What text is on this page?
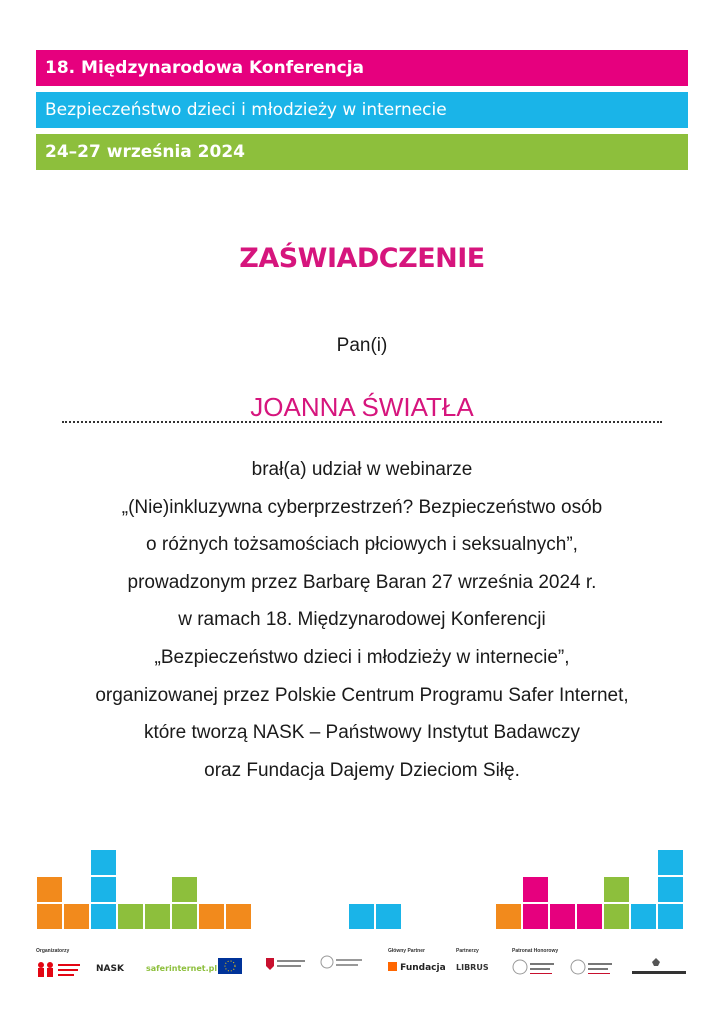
18. Międzynarodowa Konferencja
Bezpieczeństwo dzieci i młodzieży w internecie
24–27 września 2024
ZAŚWIADCZENIE
Pan(i)
JOANNA ŚWIATŁA
brał(a) udział w webinarze
„(Nie)inkluzywna cyberprzestrzeń? Bezpieczeństwo osób
o różnych tożsamościach płciowych i seksualnych”,
prowadzonym przez Barbarę Baran 27 września 2024 r.
w ramach 18. Międzynarodowej Konferencji
„Bezpieczeństwo dzieci i młodzieży w internecie”,
organizowanej przez Polskie Centrum Programu Safer Internet,
które tworzą NASK – Państwowy Instytut Badawczy
oraz Fundacja Dajemy Dzieciom Siłę.
Organizatorzy	Główny Partner	Partnerzy	Patronat Honorowy
NASK	saferinternet.pl	Fundacja LIBRUS
